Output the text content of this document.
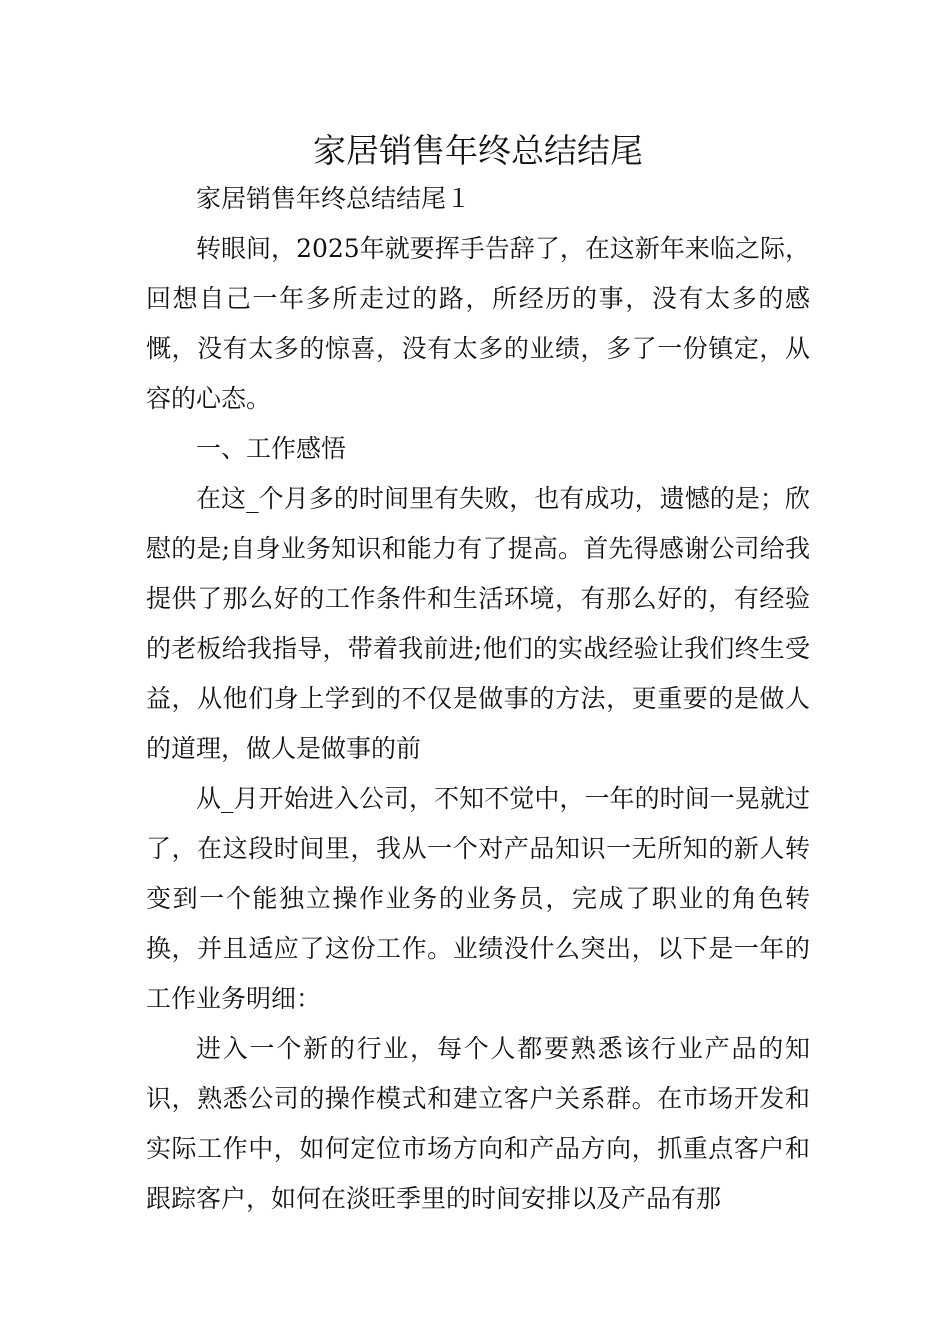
家居销售年终总结结尾

家居销售年终总结结尾１

转眼间，2025年就要挥手告辞了，在这新年来临之际，回想自己一年多所走过的路，所经历的事，没有太多的感慨，没有太多的惊喜，没有太多的业绩，多了一份镇定，从容的心态。

一、工作感悟

在这_个月多的时间里有失败，也有成功，遗憾的是；欣慰的是;自身业务知识和能力有了提高。首先得感谢公司给我提供了那么好的工作条件和生活环境，有那么好的，有经验的老板给我指导，带着我前进;他们的实战经验让我们终生受益，从他们身上学到的不仅是做事的方法，更重要的是做人的道理，做人是做事的前

从_月开始进入公司，不知不觉中，一年的时间一晃就过了，在这段时间里，我从一个对产品知识一无所知的新人转变到一个能独立操作业务的业务员，完成了职业的角色转换，并且适应了这份工作。业绩没什么突出，以下是一年的工作业务明细：

进入一个新的行业，每个人都要熟悉该行业产品的知识，熟悉公司的操作模式和建立客户关系群。在市场开发和实际工作中，如何定位市场方向和产品方向，抓重点客户和跟踪客户，如何在淡旺季里的时间安排以及产品有那
